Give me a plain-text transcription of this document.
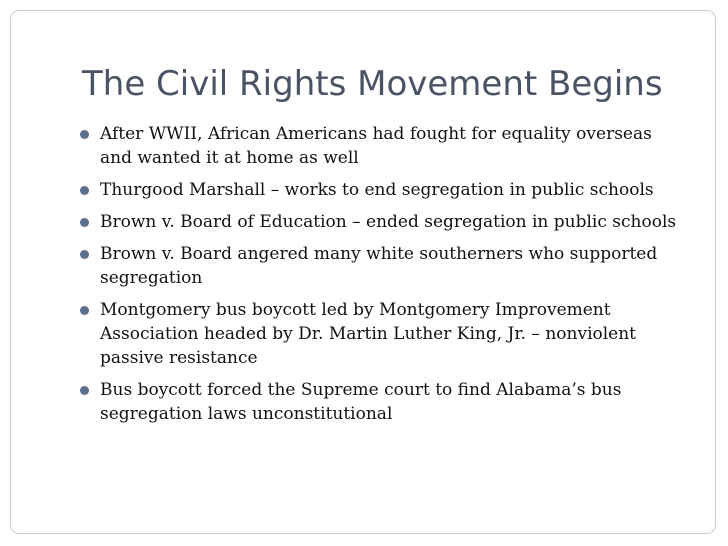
The Civil Rights Movement Begins
After WWII, African Americans had fought for equality overseas and wanted it at home as well
Thurgood Marshall – works to end segregation in public schools
Brown v. Board of Education – ended segregation in public schools
Brown v. Board angered many white southerners who supported segregation
Montgomery bus boycott led by Montgomery Improvement Association headed by Dr. Martin Luther King, Jr. – nonviolent passive resistance
Bus boycott forced the Supreme court to find Alabama’s bus segregation laws unconstitutional
